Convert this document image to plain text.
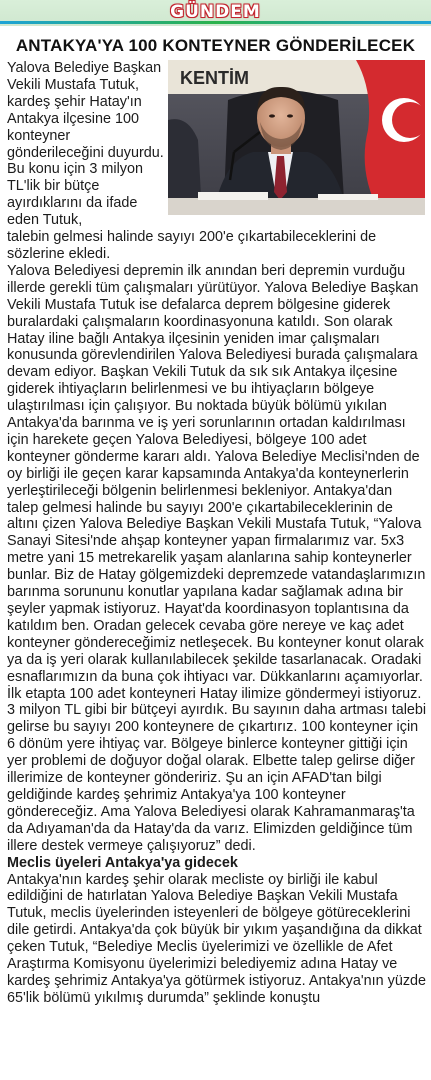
GÜNDEM
ANTAKYA'YA 100 KONTEYNER GÖNDERİLECEK
KENTİM

Yalova Belediye Başkan Vekili Mustafa Tutuk, kardeş şehir Hatay'ın Antakya ilçesine 100 konteyner gönderileceğini duyurdu. Bu konu için 3 milyon TL'lik bir bütçe ayırdıklarını da ifade eden Tutuk,

talebin gelmesi halinde sayıyı 200'e çıkartabileceklerini de sözlerine ekledi.

Yalova Belediyesi depremin ilk anından beri depremin vurduğu illerde gerekli tüm çalışmaları yürütüyor. Yalova Belediye Başkan Vekili Mustafa Tutuk ise defalarca deprem bölgesine giderek buralardaki çalışmaların koordinasyonuna katıldı. Son olarak Hatay iline bağlı Antakya ilçesinin yeniden imar çalışmaları konusunda görevlendirilen Yalova Belediyesi burada çalışmalara devam ediyor. Başkan Vekili Tutuk da sık sık Antakya ilçesine giderek ihtiyaçların belirlenmesi ve bu ihtiyaçların bölgeye ulaştırılması için çalışıyor. Bu noktada büyük bölümü yıkılan Antakya'da barınma ve iş yeri sorunlarının ortadan kaldırılması için harekete geçen Yalova Belediyesi, bölgeye 100 adet konteyner gönderme kararı aldı. Yalova Belediye Meclisi'nden de oy birliği ile geçen karar kapsamında Antakya'da konteynerlerin yerleştirileceği bölgenin belirlenmesi bekleniyor. Antakya'dan talep gelmesi halinde bu sayıyı 200'e çıkartabileceklerinin de altını çizen Yalova Belediye Başkan Vekili Mustafa Tutuk, “Yalova Sanayi Sitesi'nde ahşap konteyner yapan firmalarımız var. 5x3 metre yani 15 metrekarelik yaşam alanlarına sahip konteynerler bunlar. Biz de Hatay gölgemizdeki depremzede vatandaşlarımızın barınma sorununu konutlar yapılana kadar sağlamak adına bir şeyler yapmak istiyoruz. Hayat'da koordinasyon toplantısına da katıldım ben. Oradan gelecek cevaba göre nereye ve kaç adet konteyner göndereceğimiz netleşecek. Bu konteyner konut olarak ya da iş yeri olarak kullanılabilecek şekilde tasarlanacak. Oradaki esnaflarımızın da buna çok ihtiyacı var. Dükkanlarını açamıyorlar. İlk etapta 100 adet konteyneri Hatay ilimize göndermeyi istiyoruz. 3 milyon TL gibi bir bütçeyi ayırdık. Bu sayının daha artması talebi gelirse bu sayıyı 200 konteynere de çıkartırız. 100 konteyner için 6 dönüm yere ihtiyaç var. Bölgeye binlerce konteyner gittiği için yer problemi de doğuyor doğal olarak. Elbette talep gelirse diğer illerimize de konteyner göndeririz. Şu an için AFAD'tan bilgi geldiğinde kardeş şehrimiz Antakya'ya 100 konteyner göndereceğiz. Ama Yalova Belediyesi olarak Kahramanmaraş'ta da Adıyaman'da da Hatay'da da varız. Elimizden geldiğince tüm illere destek vermeye çalışıyoruz” dedi.

Meclis üyeleri Antakya'ya gidecek

Antakya'nın kardeş şehir olarak mecliste oy birliği ile kabul edildiğini de hatırlatan Yalova Belediye Başkan Vekili Mustafa Tutuk, meclis üyelerinden isteyenleri de bölgeye götüreceklerini dile getirdi. Antakya'da çok büyük bir yıkım yaşandığına da dikkat çeken Tutuk, “Belediye Meclis üyelerimizi ve özellikle de Afet Araştırma Komisyonu üyelerimizi belediyemiz adına Hatay ve kardeş şehrimiz Antakya'ya götürmek istiyoruz. Antakya'nın yüzde 65'lik bölümü yıkılmış durumda” şeklinde konuştu
